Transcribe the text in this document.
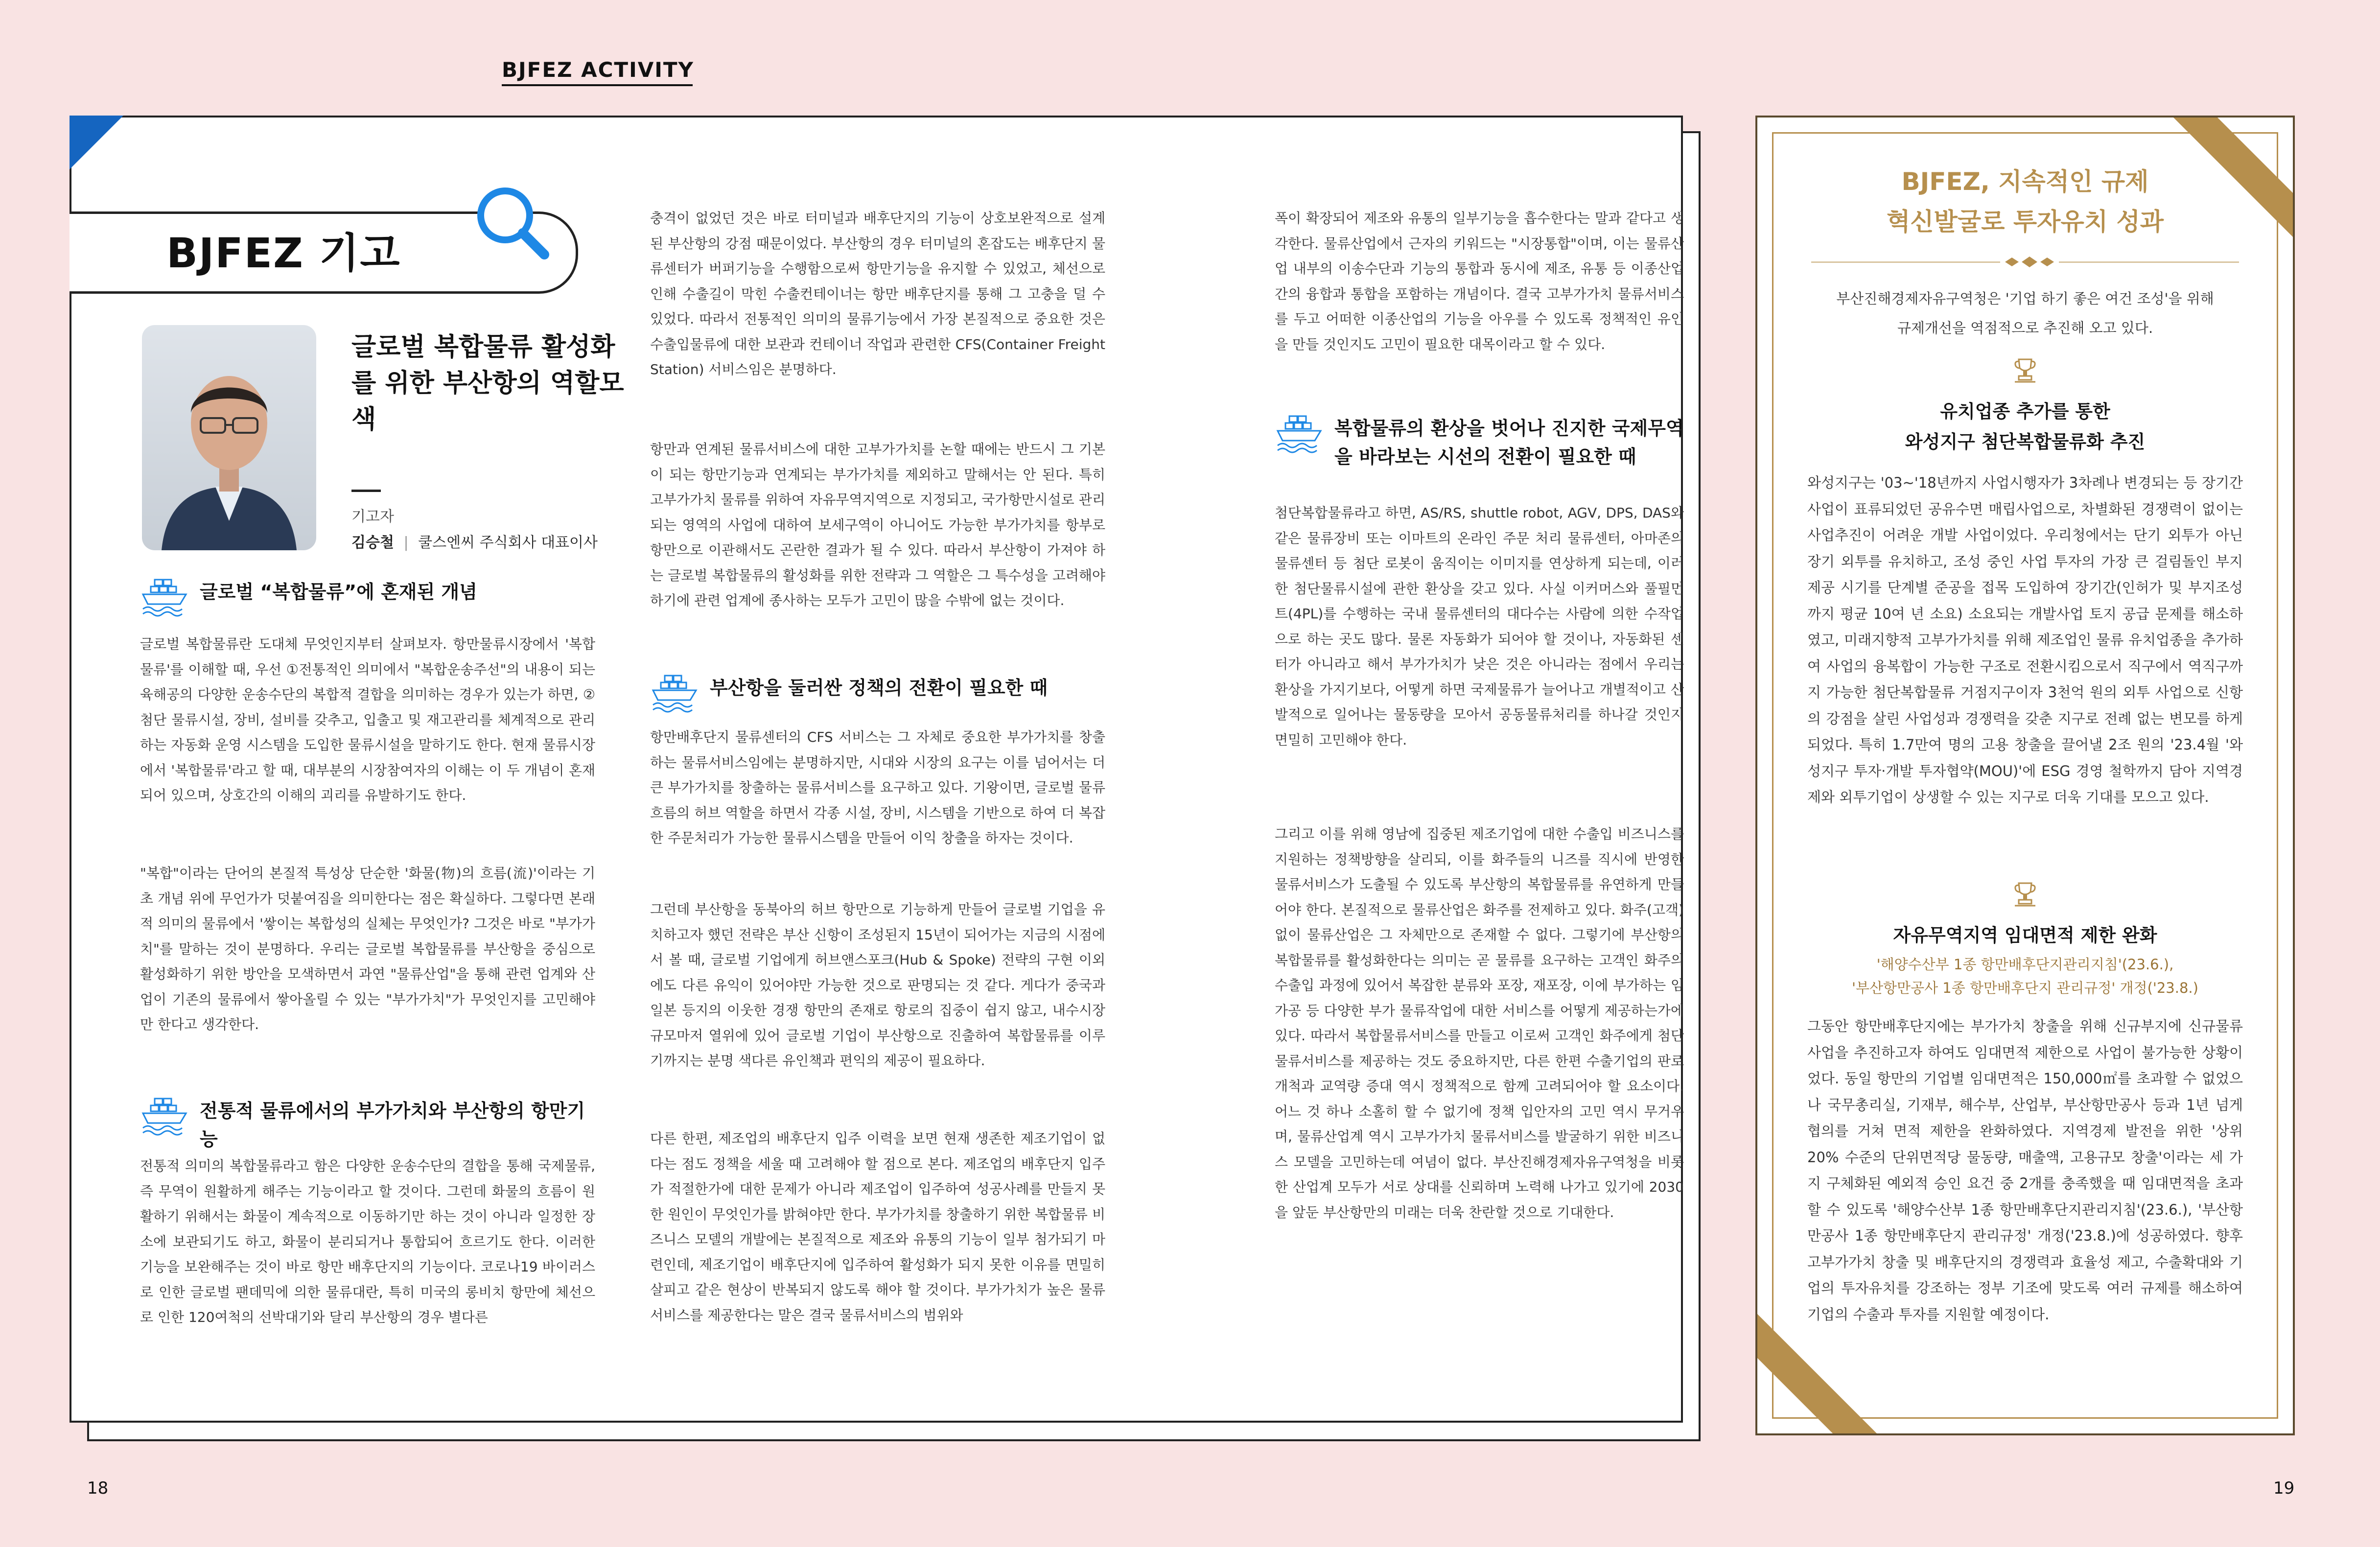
BJFEZ ACTIVITY
BJFEZ 기고
글로벌 복합물류 활성화를 위한 부산항의 역할모색
기고자
김승철 | 쿨스엔씨 주식회사 대표이사
글로벌 “복합물류”에 혼재된 개념

글로벌 복합물류란 도대체 무엇인지부터 살펴보자. 항만물류시장에서 '복합물류'를 이해할 때, 우선 ①전통적인 의미에서 "복합운송주선"의 내용이 되는 육해공의 다양한 운송수단의 복합적 결합을 의미하는 경우가 있는가 하면, ②첨단 물류시설, 장비, 설비를 갖추고, 입출고 및 재고관리를 체계적으로 관리하는 자동화 운영 시스템을 도입한 물류시설을 말하기도 한다. 현재 물류시장에서 '복합물류'라고 할 때, 대부분의 시장참여자의 이해는 이 두 개념이 혼재되어 있으며, 상호간의 이해의 괴리를 유발하기도 한다.

"복합"이라는 단어의 본질적 특성상 단순한 '화물(物)의 흐름(流)'이라는 기초 개념 위에 무언가가 덧붙여짐을 의미한다는 점은 확실하다. 그렇다면 본래적 의미의 물류에서 '쌓이는 복합성의 실체는 무엇인가? 그것은 바로 "부가가치"를 말하는 것이 분명하다. 우리는 글로벌 복합물류를 부산항을 중심으로 활성화하기 위한 방안을 모색하면서 과연 "물류산업"을 통해 관련 업계와 산업이 기존의 물류에서 쌓아올릴 수 있는 "부가가치"가 무엇인지를 고민해야만 한다고 생각한다.

전통적 물류에서의 부가가치와 부산항의 항만기능

전통적 의미의 복합물류라고 함은 다양한 운송수단의 결합을 통해 국제물류, 즉 무역이 원활하게 해주는 기능이라고 할 것이다. 그런데 화물의 흐름이 원활하기 위해서는 화물이 계속적으로 이동하기만 하는 것이 아니라 일정한 장소에 보관되기도 하고, 화물이 분리되거나 통합되어 흐르기도 한다. 이러한 기능을 보완해주는 것이 바로 항만 배후단지의 기능이다. 코로나19 바이러스로 인한 글로벌 팬데믹에 의한 물류대란, 특히 미국의 롱비치 항만에 체선으로 인한 120여척의 선박대기와 달리 부산항의 경우 별다른

충격이 없었던 것은 바로 터미널과 배후단지의 기능이 상호보완적으로 설계된 부산항의 강점 때문이었다. 부산항의 경우 터미널의 혼잡도는 배후단지 물류센터가 버퍼기능을 수행함으로써 항만기능을 유지할 수 있었고, 체선으로 인해 수출길이 막힌 수출컨테이너는 항만 배후단지를 통해 그 고충을 덜 수 있었다. 따라서 전통적인 의미의 물류기능에서 가장 본질적으로 중요한 것은 수출입물류에 대한 보관과 컨테이너 작업과 관련한 CFS(Container Freight Station) 서비스임은 분명하다.

항만과 연계된 물류서비스에 대한 고부가가치를 논할 때에는 반드시 그 기본이 되는 항만기능과 연계되는 부가가치를 제외하고 말해서는 안 된다. 특히 고부가가치 물류를 위하여 자유무역지역으로 지정되고, 국가항만시설로 관리되는 영역의 사업에 대하여 보세구역이 아니어도 가능한 부가가치를 항부로 항만으로 이관해서도 곤란한 결과가 될 수 있다. 따라서 부산항이 가져야 하는 글로벌 복합물류의 활성화를 위한 전략과 그 역할은 그 특수성을 고려해야 하기에 관련 업계에 종사하는 모두가 고민이 많을 수밖에 없는 것이다.

부산항을 둘러싼 정책의 전환이 필요한 때

항만배후단지 물류센터의 CFS 서비스는 그 자체로 중요한 부가가치를 창출하는 물류서비스임에는 분명하지만, 시대와 시장의 요구는 이를 넘어서는 더 큰 부가가치를 창출하는 물류서비스를 요구하고 있다. 기왕이면, 글로벌 물류 흐름의 허브 역할을 하면서 각종 시설, 장비, 시스템을 기반으로 하여 더 복잡한 주문처리가 가능한 물류시스템을 만들어 이익 창출을 하자는 것이다.

그런데 부산항을 동북아의 허브 항만으로 기능하게 만들어 글로벌 기업을 유치하고자 했던 전략은 부산 신항이 조성된지 15년이 되어가는 지금의 시점에서 볼 때, 글로벌 기업에게 허브앤스포크(Hub & Spoke) 전략의 구현 이외에도 다른 유익이 있어야만 가능한 것으로 판명되는 것 같다. 게다가 중국과 일본 등지의 이웃한 경쟁 항만의 존재로 항로의 집중이 쉽지 않고, 내수시장 규모마저 열위에 있어 글로벌 기업이 부산항으로 진출하여 복합물류를 이루기까지는 분명 색다른 유인책과 편익의 제공이 필요하다.

다른 한편, 제조업의 배후단지 입주 이력을 보면 현재 생존한 제조기업이 없다는 점도 정책을 세울 때 고려해야 할 점으로 본다. 제조업의 배후단지 입주가 적절한가에 대한 문제가 아니라 제조업이 입주하여 성공사례를 만들지 못한 원인이 무엇인가를 밝혀야만 한다. 부가가치를 창출하기 위한 복합물류 비즈니스 모델의 개발에는 본질적으로 제조와 유통의 기능이 일부 첨가되기 마련인데, 제조기업이 배후단지에 입주하여 활성화가 되지 못한 이유를 면밀히 살피고 같은 현상이 반복되지 않도록 해야 할 것이다. 부가가치가 높은 물류서비스를 제공한다는 말은 결국 물류서비스의 범위와

폭이 확장되어 제조와 유통의 일부기능을 흡수한다는 말과 같다고 생각한다. 물류산업에서 근자의 키워드는 "시장통합"이며, 이는 물류산업 내부의 이송수단과 기능의 통합과 동시에 제조, 유통 등 이종산업간의 융합과 통합을 포함하는 개념이다. 결국 고부가가치 물류서비스를 두고 어떠한 이종산업의 기능을 아우를 수 있도록 정책적인 유인을 만들 것인지도 고민이 필요한 대목이라고 할 수 있다.

복합물류의 환상을 벗어나 진지한 국제무역을 바라보는 시선의 전환이 필요한 때

첨단복합물류라고 하면, AS/RS, shuttle robot, AGV, DPS, DAS와 같은 물류장비 또는 이마트의 온라인 주문 처리 물류센터, 아마존의 물류센터 등 첨단 로봇이 움직이는 이미지를 연상하게 되는데, 이러한 첨단물류시설에 관한 환상을 갖고 있다. 사실 이커머스와 풀필먼트(4PL)를 수행하는 국내 물류센터의 대다수는 사람에 의한 수작업으로 하는 곳도 많다. 물론 자동화가 되어야 할 것이나, 자동화된 센터가 아니라고 해서 부가가치가 낮은 것은 아니라는 점에서 우리는 환상을 가지기보다, 어떻게 하면 국제물류가 늘어나고 개별적이고 산발적으로 일어나는 물동량을 모아서 공동물류처리를 하나갈 것인지 면밀히 고민해야 한다.

그리고 이를 위해 영남에 집중된 제조기업에 대한 수출입 비즈니스를 지원하는 정책방향을 살리되, 이를 화주들의 니즈를 직시에 반영한 물류서비스가 도출될 수 있도록 부산항의 복합물류를 유연하게 만들어야 한다. 본질적으로 물류산업은 화주를 전제하고 있다. 화주(고객) 없이 물류산업은 그 자체만으로 존재할 수 없다. 그렇기에 부산항의 복합물류를 활성화한다는 의미는 곧 물류를 요구하는 고객인 화주의 수출입 과정에 있어서 복잡한 분류와 포장, 재포장, 이에 부가하는 임가공 등 다양한 부가 물류작업에 대한 서비스를 어떻게 제공하는가에 있다. 따라서 복합물류서비스를 만들고 이로써 고객인 화주에게 첨단 물류서비스를 제공하는 것도 중요하지만, 다른 한편 수출기업의 판로 개척과 교역량 증대 역시 정책적으로 함께 고려되어야 할 요소이다. 어느 것 하나 소홀히 할 수 없기에 정책 입안자의 고민 역시 무거우며, 물류산업계 역시 고부가가치 물류서비스를 발굴하기 위한 비즈니스 모델을 고민하는데 여념이 없다. 부산진해경제자유구역청을 비롯한 산업계 모두가 서로 상대를 신뢰하며 노력해 나가고 있기에 2030을 앞둔 부산항만의 미래는 더욱 찬란할 것으로 기대한다.

BJFEZ, 지속적인 규제
혁신발굴로 투자유치 성과
부산진해경제자유구역청은 '기업 하기 좋은 여건 조성'을 위해
규제개선을 역점적으로 추진해 오고 있다.
유치업종 추가를 통한
와성지구 첨단복합물류화 추진

와성지구는 '03~'18년까지 사업시행자가 3차례나 변경되는 등 장기간 사업이 표류되었던 공유수면 매립사업으로, 차별화된 경쟁력이 없이는 사업추진이 어려운 개발 사업이었다. 우리청에서는 단기 외투가 아닌 장기 외투를 유치하고, 조성 중인 사업 투자의 가장 큰 걸림돌인 부지 제공 시기를 단계별 준공을 접목 도입하여 장기간(인허가 및 부지조성까지 평균 10여 년 소요) 소요되는 개발사업 토지 공급 문제를 해소하였고, 미래지향적 고부가가치를 위해 제조업인 물류 유치업종을 추가하여 사업의 융복합이 가능한 구조로 전환시킴으로서 직구에서 역직구까지 가능한 첨단복합물류 거점지구이자 3천억 원의 외투 사업으로 신항의 강점을 살린 사업성과 경쟁력을 갖춘 지구로 전례 없는 변모를 하게 되었다. 특히 1.7만여 명의 고용 창출을 끌어낼 2조 원의 '23.4월 '와성지구 투자·개발 투자협약(MOU)'에 ESG 경영 철학까지 담아 지역경제와 외투기업이 상생할 수 있는 지구로 더욱 기대를 모으고 있다.

자유무역지역 임대면적 제한 완화
'해양수산부 1종 항만배후단지관리지침'(23.6.),
'부산항만공사 1종 항만배후단지 관리규정' 개정('23.8.)

그동안 항만배후단지에는 부가가치 창출을 위해 신규부지에 신규물류사업을 추진하고자 하여도 임대면적 제한으로 사업이 불가능한 상황이었다. 동일 항만의 기업별 임대면적은 150,000㎡를 초과할 수 없었으나 국무총리실, 기재부, 해수부, 산업부, 부산항만공사 등과 1년 넘게 협의를 거쳐 면적 제한을 완화하였다. 지역경제 발전을 위한 '상위 20% 수준의 단위면적당 물동량, 매출액, 고용규모 창출'이라는 세 가지 구체화된 예외적 승인 요건 중 2개를 충족했을 때 임대면적을 초과할 수 있도록 '해양수산부 1종 항만배후단지관리지침'(23.6.), '부산항만공사 1종 항만배후단지 관리규정' 개정('23.8.)에 성공하였다. 향후 고부가가치 창출 및 배후단지의 경쟁력과 효율성 제고, 수출확대와 기업의 투자유치를 강조하는 정부 기조에 맞도록 여러 규제를 해소하여 기업의 수출과 투자를 지원할 예정이다.

18	19
